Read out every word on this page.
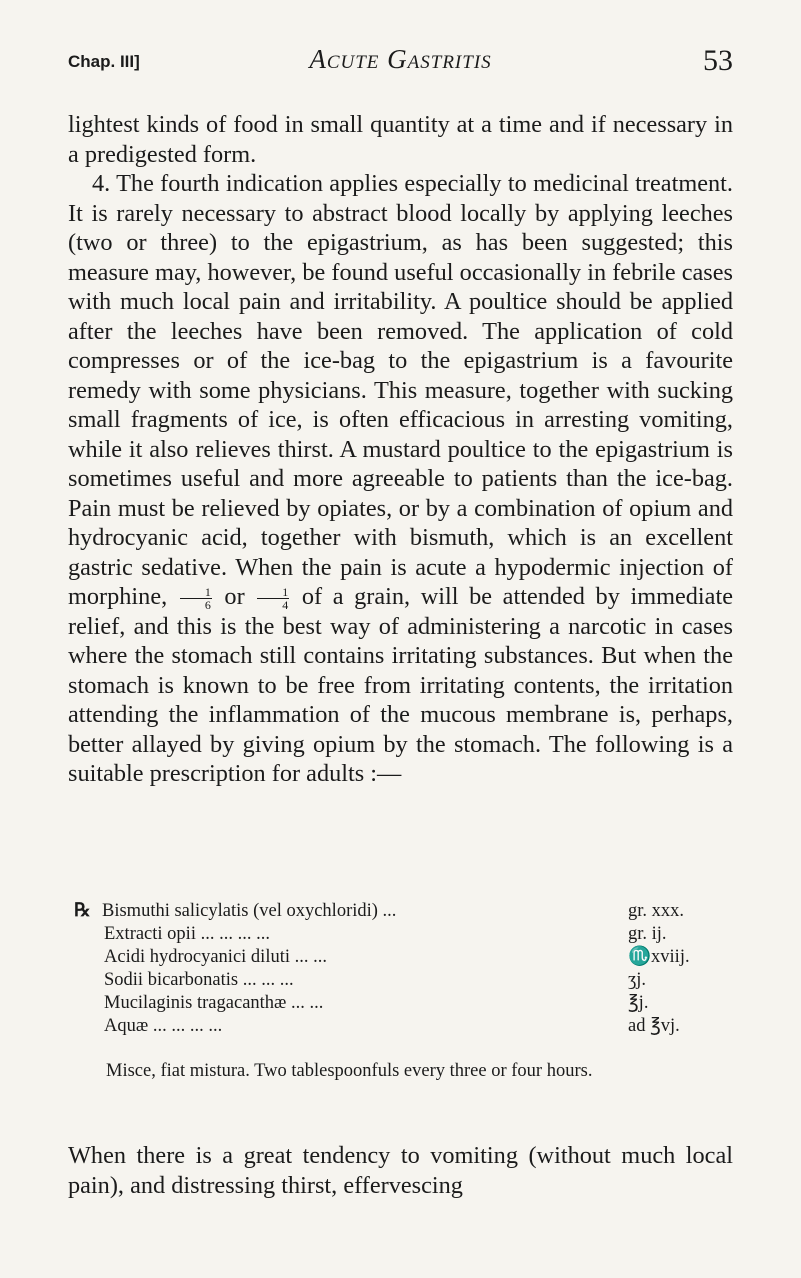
Chap. III]	Acute Gastritis	53

lightest kinds of food in small quantity at a time and if necessary in a predigested form.

4. The fourth indication applies especially to medicinal treatment. It is rarely necessary to abstract blood locally by applying leeches (two or three) to the epigastrium, as has been suggested; this measure may, however, be found useful occasionally in febrile cases with much local pain and irritability. A poultice should be applied after the leeches have been removed. The application of cold compresses or of the ice-bag to the epigastrium is a favourite remedy with some physicians. This measure, together with sucking small fragments of ice, is often efficacious in arresting vomiting, while it also relieves thirst. A mustard poultice to the epigastrium is sometimes useful and more agreeable to patients than the ice-bag. Pain must be relieved by opiates, or by a combination of opium and hydrocyanic acid, together with bismuth, which is an excellent gastric sedative. When the pain is acute a hypodermic injection of morphine, $\frac{1}{6}$ or $\frac{1}{4}$ of a grain, will be attended by immediate relief, and this is the best way of administering a narcotic in cases where the stomach still contains irritating substances. But when the stomach is known to be free from irritating contents, the irritation attending the inflammation of the mucous membrane is, perhaps, better allayed by giving opium by the stomach. The following is a suitable prescription for adults :—

℞ Bismuthi salicylatis (vel oxychloridi) ...	gr. xxx.
Extracti opii ... ... ... ...	gr. ij.
Acidi hydrocyanici diluti ... ...	♏xviij.
Sodii bicarbonatis ... ... ...	ʒj.
Mucilaginis tragacanthæ ... ...	℥j.
Aquæ ... ... ... ...	ad ℥vj.

Misce, fiat mistura. Two tablespoonfuls every three or four hours.

When there is a great tendency to vomiting (without much local pain), and distressing thirst, effervescing
